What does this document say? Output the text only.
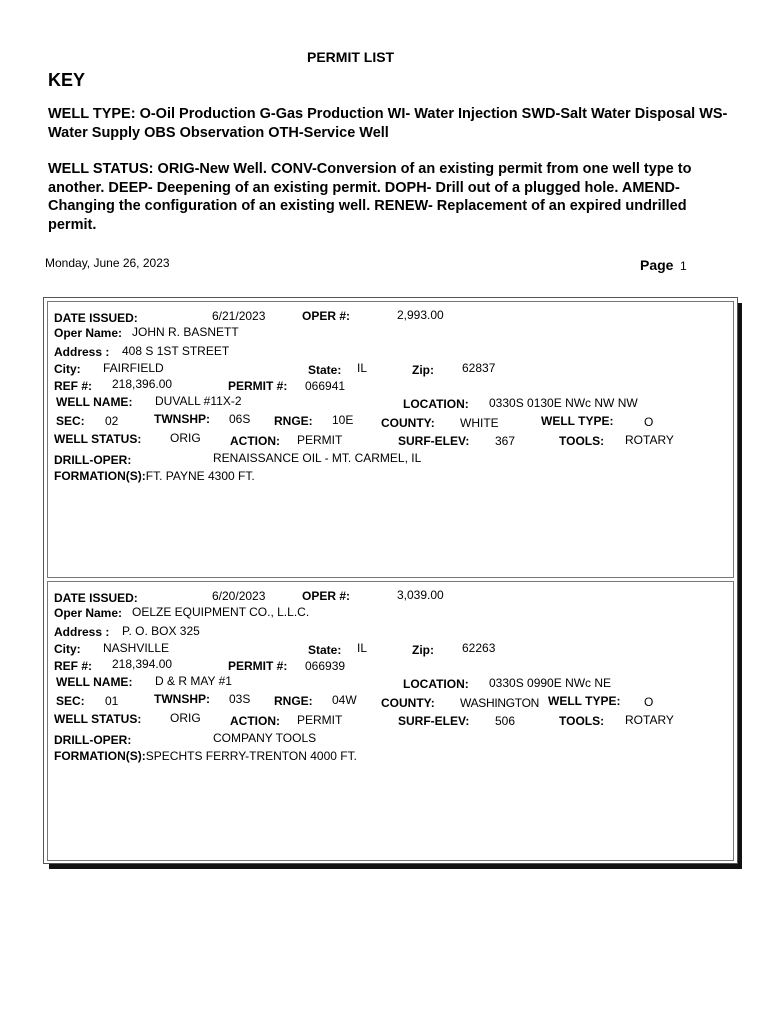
PERMIT LIST
KEY
WELL TYPE: O-Oil Production G-Gas Production WI- Water Injection SWD-Salt Water Disposal WS-Water Supply OBS Observation OTH-Service Well
WELL STATUS: ORIG-New Well. CONV-Conversion of an existing permit from one well type to another. DEEP- Deepening of an existing permit. DOPH- Drill out of a plugged hole. AMEND-Changing the configuration of an existing well. RENEW- Replacement of an expired undrilled permit.
Monday, June 26, 2023	Page 1
DATE ISSUED:	6/21/2023	OPER #:	2,993.00
Oper Name: JOHN R. BASNETT
Address : 408 S 1ST STREET
City: FAIRFIELD	State: IL	Zip: 62837
REF #: 218,396.00	PERMIT #: 066941
WELL NAME: DUVALL #11X-2	LOCATION: 0330S 0130E NWc NW NW
SEC: 02	TWNSHP: 06S RNGE: 10E COUNTY: WHITE	WELL TYPE:	O
WELL STATUS: ORIG ACTION: PERMIT	SURF-ELEV: 367	TOOLS: ROTARY
DRILL-OPER:	RENAISSANCE OIL - MT. CARMEL, IL
FORMATION(S):FT. PAYNE 4300 FT.
DATE ISSUED:	6/20/2023	OPER #:	3,039.00
Oper Name: OELZE EQUIPMENT CO., L.L.C.
Address : P. O. BOX 325
City: NASHVILLE	State: IL	Zip: 62263
REF #: 218,394.00	PERMIT #: 066939
WELL NAME: D & R MAY #1	LOCATION: 0330S 0990E NWc NE
SEC: 01	TWNSHP: 03S RNGE: 04W COUNTY: WASHINGTON WELL TYPE: O
WELL STATUS: ORIG ACTION: PERMIT	SURF-ELEV: 506	TOOLS: ROTARY
DRILL-OPER:	COMPANY TOOLS
FORMATION(S):SPECHTS FERRY-TRENTON 4000 FT.
